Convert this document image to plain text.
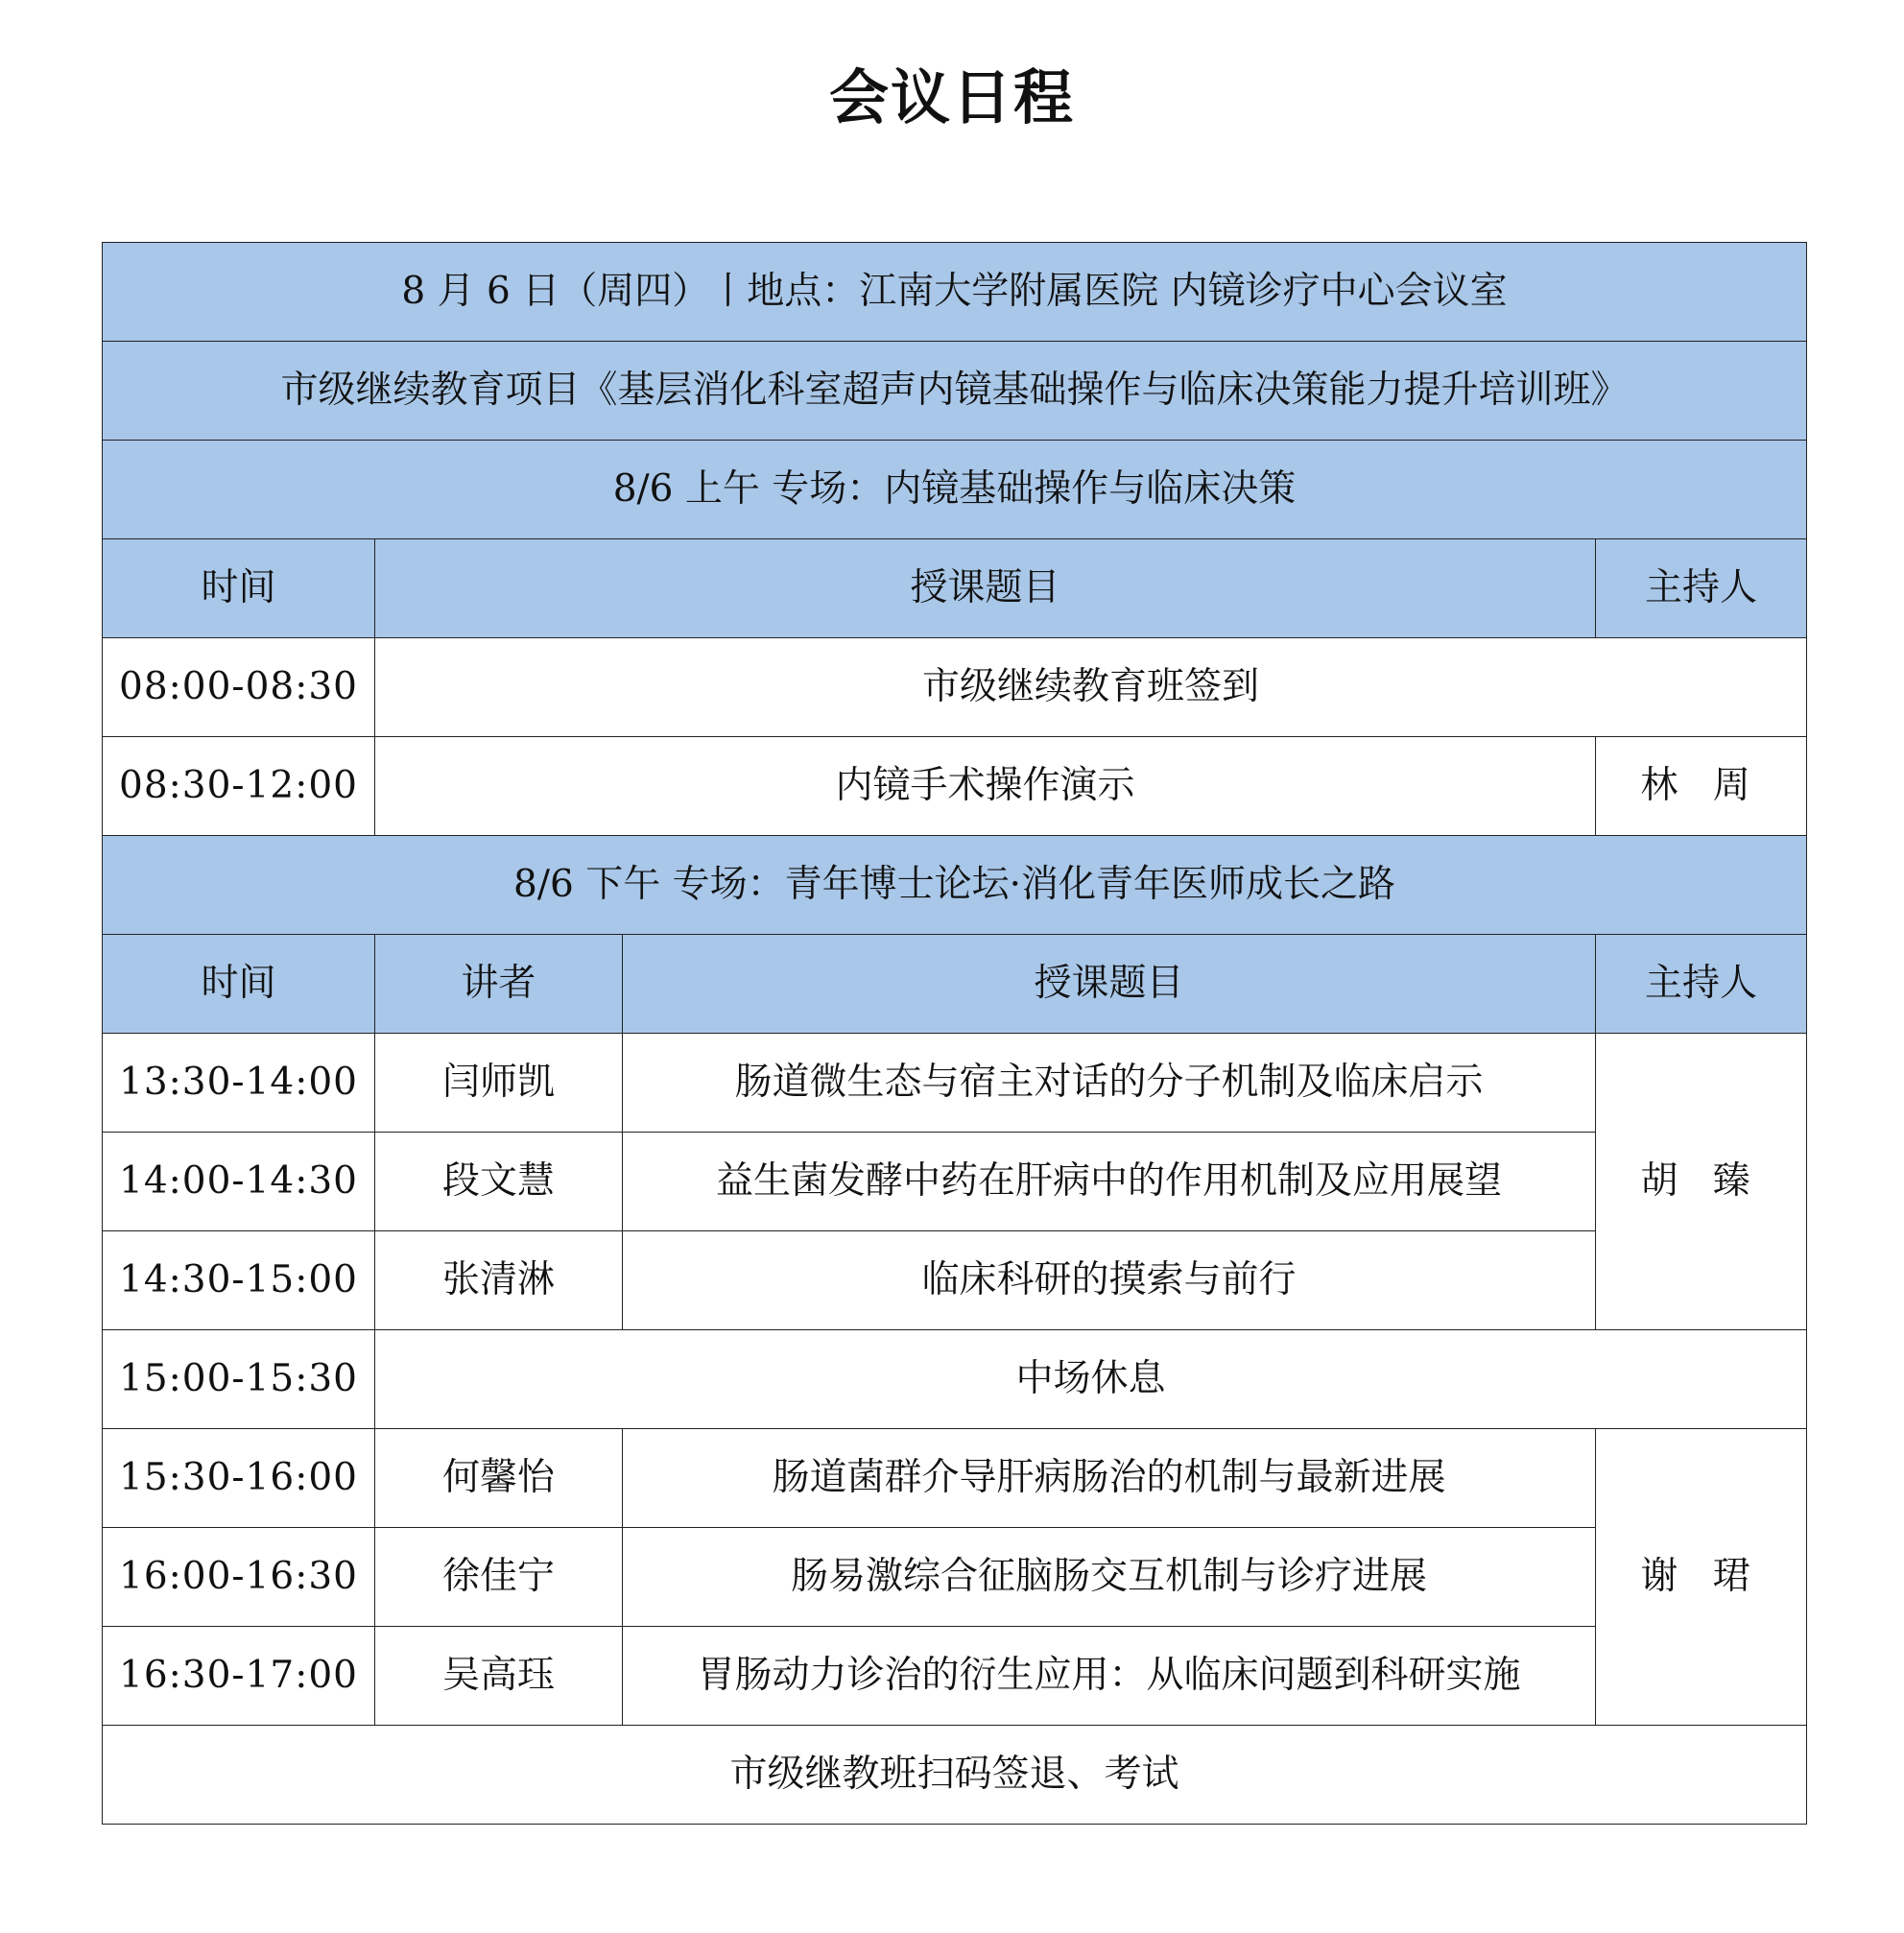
会议日程
8 月 6 日（周四）丨地点：江南大学附属医院 内镜诊疗中心会议室			
市级继续教育项目《基层消化科室超声内镜基础操作与临床决策能力提升培训班》			
8/6 上午 专场：内镜基础操作与临床决策			
时间	授课题目		主持人
08:00-08:30	市级继续教育班签到		
08:30-12:00	内镜手术操作演示		林 周
8/6 下午 专场：青年博士论坛·消化青年医师成长之路			
时间	讲者	授课题目	主持人
13:30-14:00	闫师凯	肠道微生态与宿主对话的分子机制及临床启示	胡 臻
14:00-14:30	段文慧	益生菌发酵中药在肝病中的作用机制及应用展望	
14:30-15:00	张清淋	临床科研的摸索与前行	
15:00-15:30	中场休息		
15:30-16:00	何馨怡	肠道菌群介导肝病肠治的机制与最新进展	谢 珺
16:00-16:30	徐佳宁	肠易激综合征脑肠交互机制与诊疗进展	
16:30-17:00	吴高珏	胃肠动力诊治的衍生应用：从临床问题到科研实施	
市级继教班扫码签退、考试			
